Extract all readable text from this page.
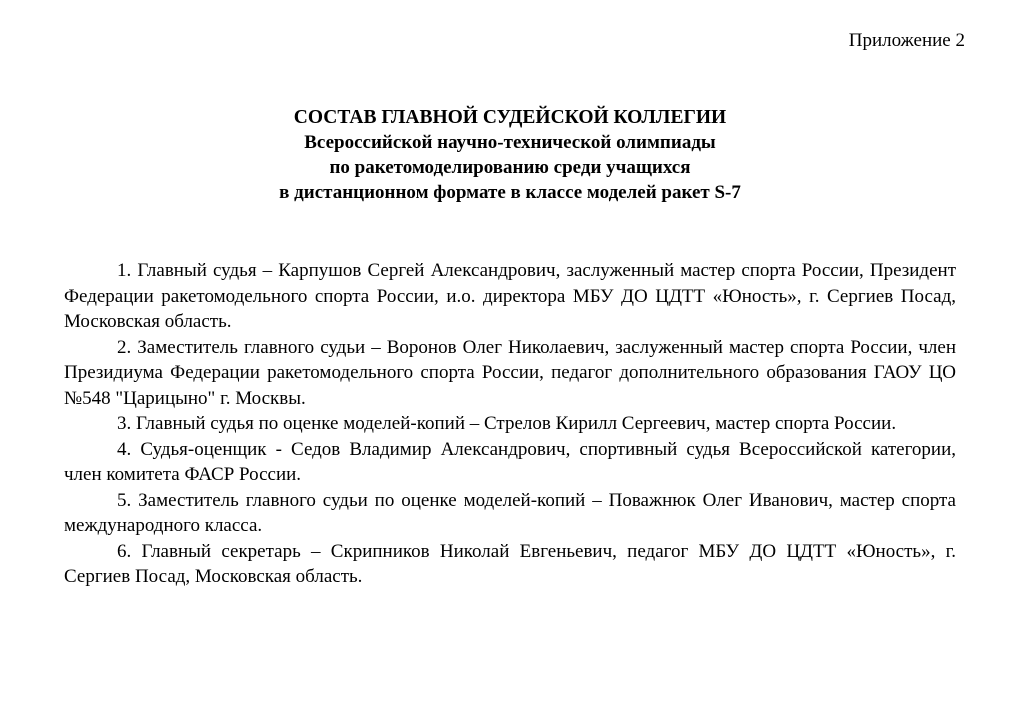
Приложение 2
СОСТАВ ГЛАВНОЙ СУДЕЙСКОЙ КОЛЛЕГИИ
Всероссийской научно-технической олимпиады
по ракетомоделированию среди учащихся
в дистанционном формате в классе моделей ракет S-7

1. Главный судья – Карпушов Сергей Александрович, заслуженный мастер спорта России, Президент Федерации ракетомодельного спорта России, и.о. директора МБУ ДО ЦДТТ «Юность», г. Сергиев Посад, Московская область.

2. Заместитель главного судьи – Воронов Олег Николаевич, заслуженный мастер спорта России, член Президиума Федерации ракетомодельного спорта России, педагог дополнительного образования ГАОУ ЦО №548 "Царицыно" г. Москвы.

3. Главный судья по оценке моделей-копий – Стрелов Кирилл Сергеевич, мастер спорта России.

4. Судья-оценщик - Седов Владимир Александрович, спортивный судья Всероссийской категории, член комитета ФАСР России.

5. Заместитель главного судьи по оценке моделей-копий – Поважнюк Олег Иванович, мастер спорта международного класса.

6. Главный секретарь – Скрипников Николай Евгеньевич, педагог МБУ ДО ЦДТТ «Юность», г. Сергиев Посад, Московская область.
